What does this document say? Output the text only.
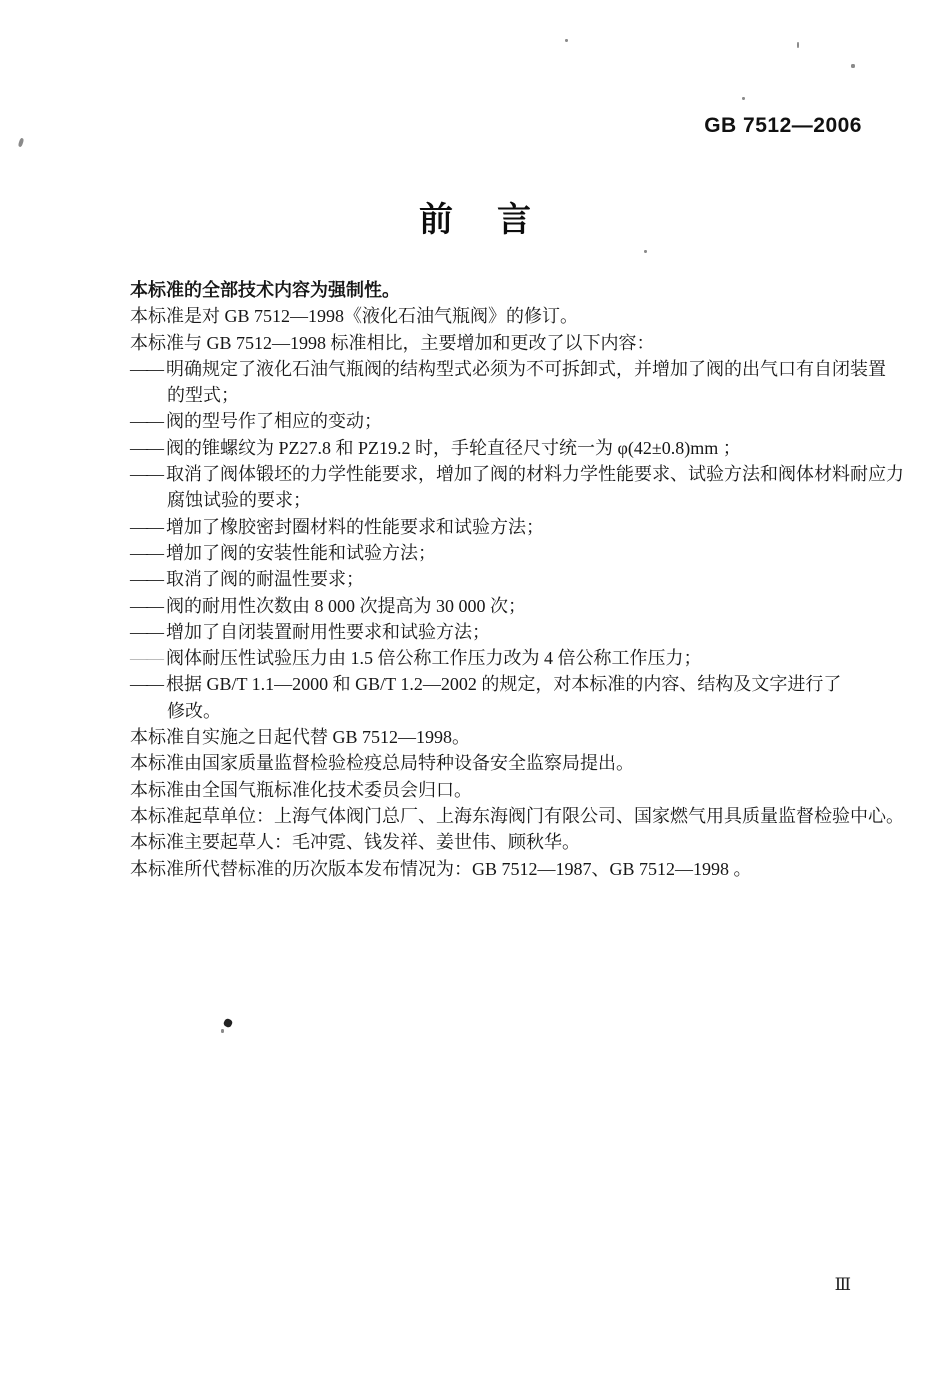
GB 7512—2006
前 言
本标准的全部技术内容为强制性。
本标准是对 GB 7512—1998《液化石油气瓶阀》的修订。
本标准与 GB 7512—1998 标准相比，主要增加和更改了以下内容：
—— 明确规定了液化石油气瓶阀的结构型式必须为不可拆卸式，并增加了阀的出气口有自闭装置
的型式；
—— 阀的型号作了相应的变动；
—— 阀的锥螺纹为 PZ27.8 和 PZ19.2 时，手轮直径尺寸统一为 φ(42±0.8)mm ；
—— 取消了阀体锻坯的力学性能要求，增加了阀的材料力学性能要求、试验方法和阀体材料耐应力
腐蚀试验的要求；
—— 增加了橡胶密封圈材料的性能要求和试验方法；
—— 增加了阀的安装性能和试验方法；
—— 取消了阀的耐温性要求；
—— 阀的耐用性次数由 8 000 次提高为 30 000 次；
—— 增加了自闭装置耐用性要求和试验方法；
—— 阀体耐压性试验压力由 1.5 倍公称工作压力改为 4 倍公称工作压力；
—— 根据 GB/T 1.1—2000 和 GB/T 1.2—2002 的规定，对本标准的内容、结构及文字进行了
修改。
本标准自实施之日起代替 GB 7512—1998。
本标准由国家质量监督检验检疫总局特种设备安全监察局提出。
本标准由全国气瓶标准化技术委员会归口。
本标准起草单位：上海气体阀门总厂、上海东海阀门有限公司、国家燃气用具质量监督检验中心。
本标准主要起草人：毛冲霓、钱发祥、姜世伟、顾秋华。
本标准所代替标准的历次版本发布情况为：GB 7512—1987、GB 7512—1998 。
Ⅲ
